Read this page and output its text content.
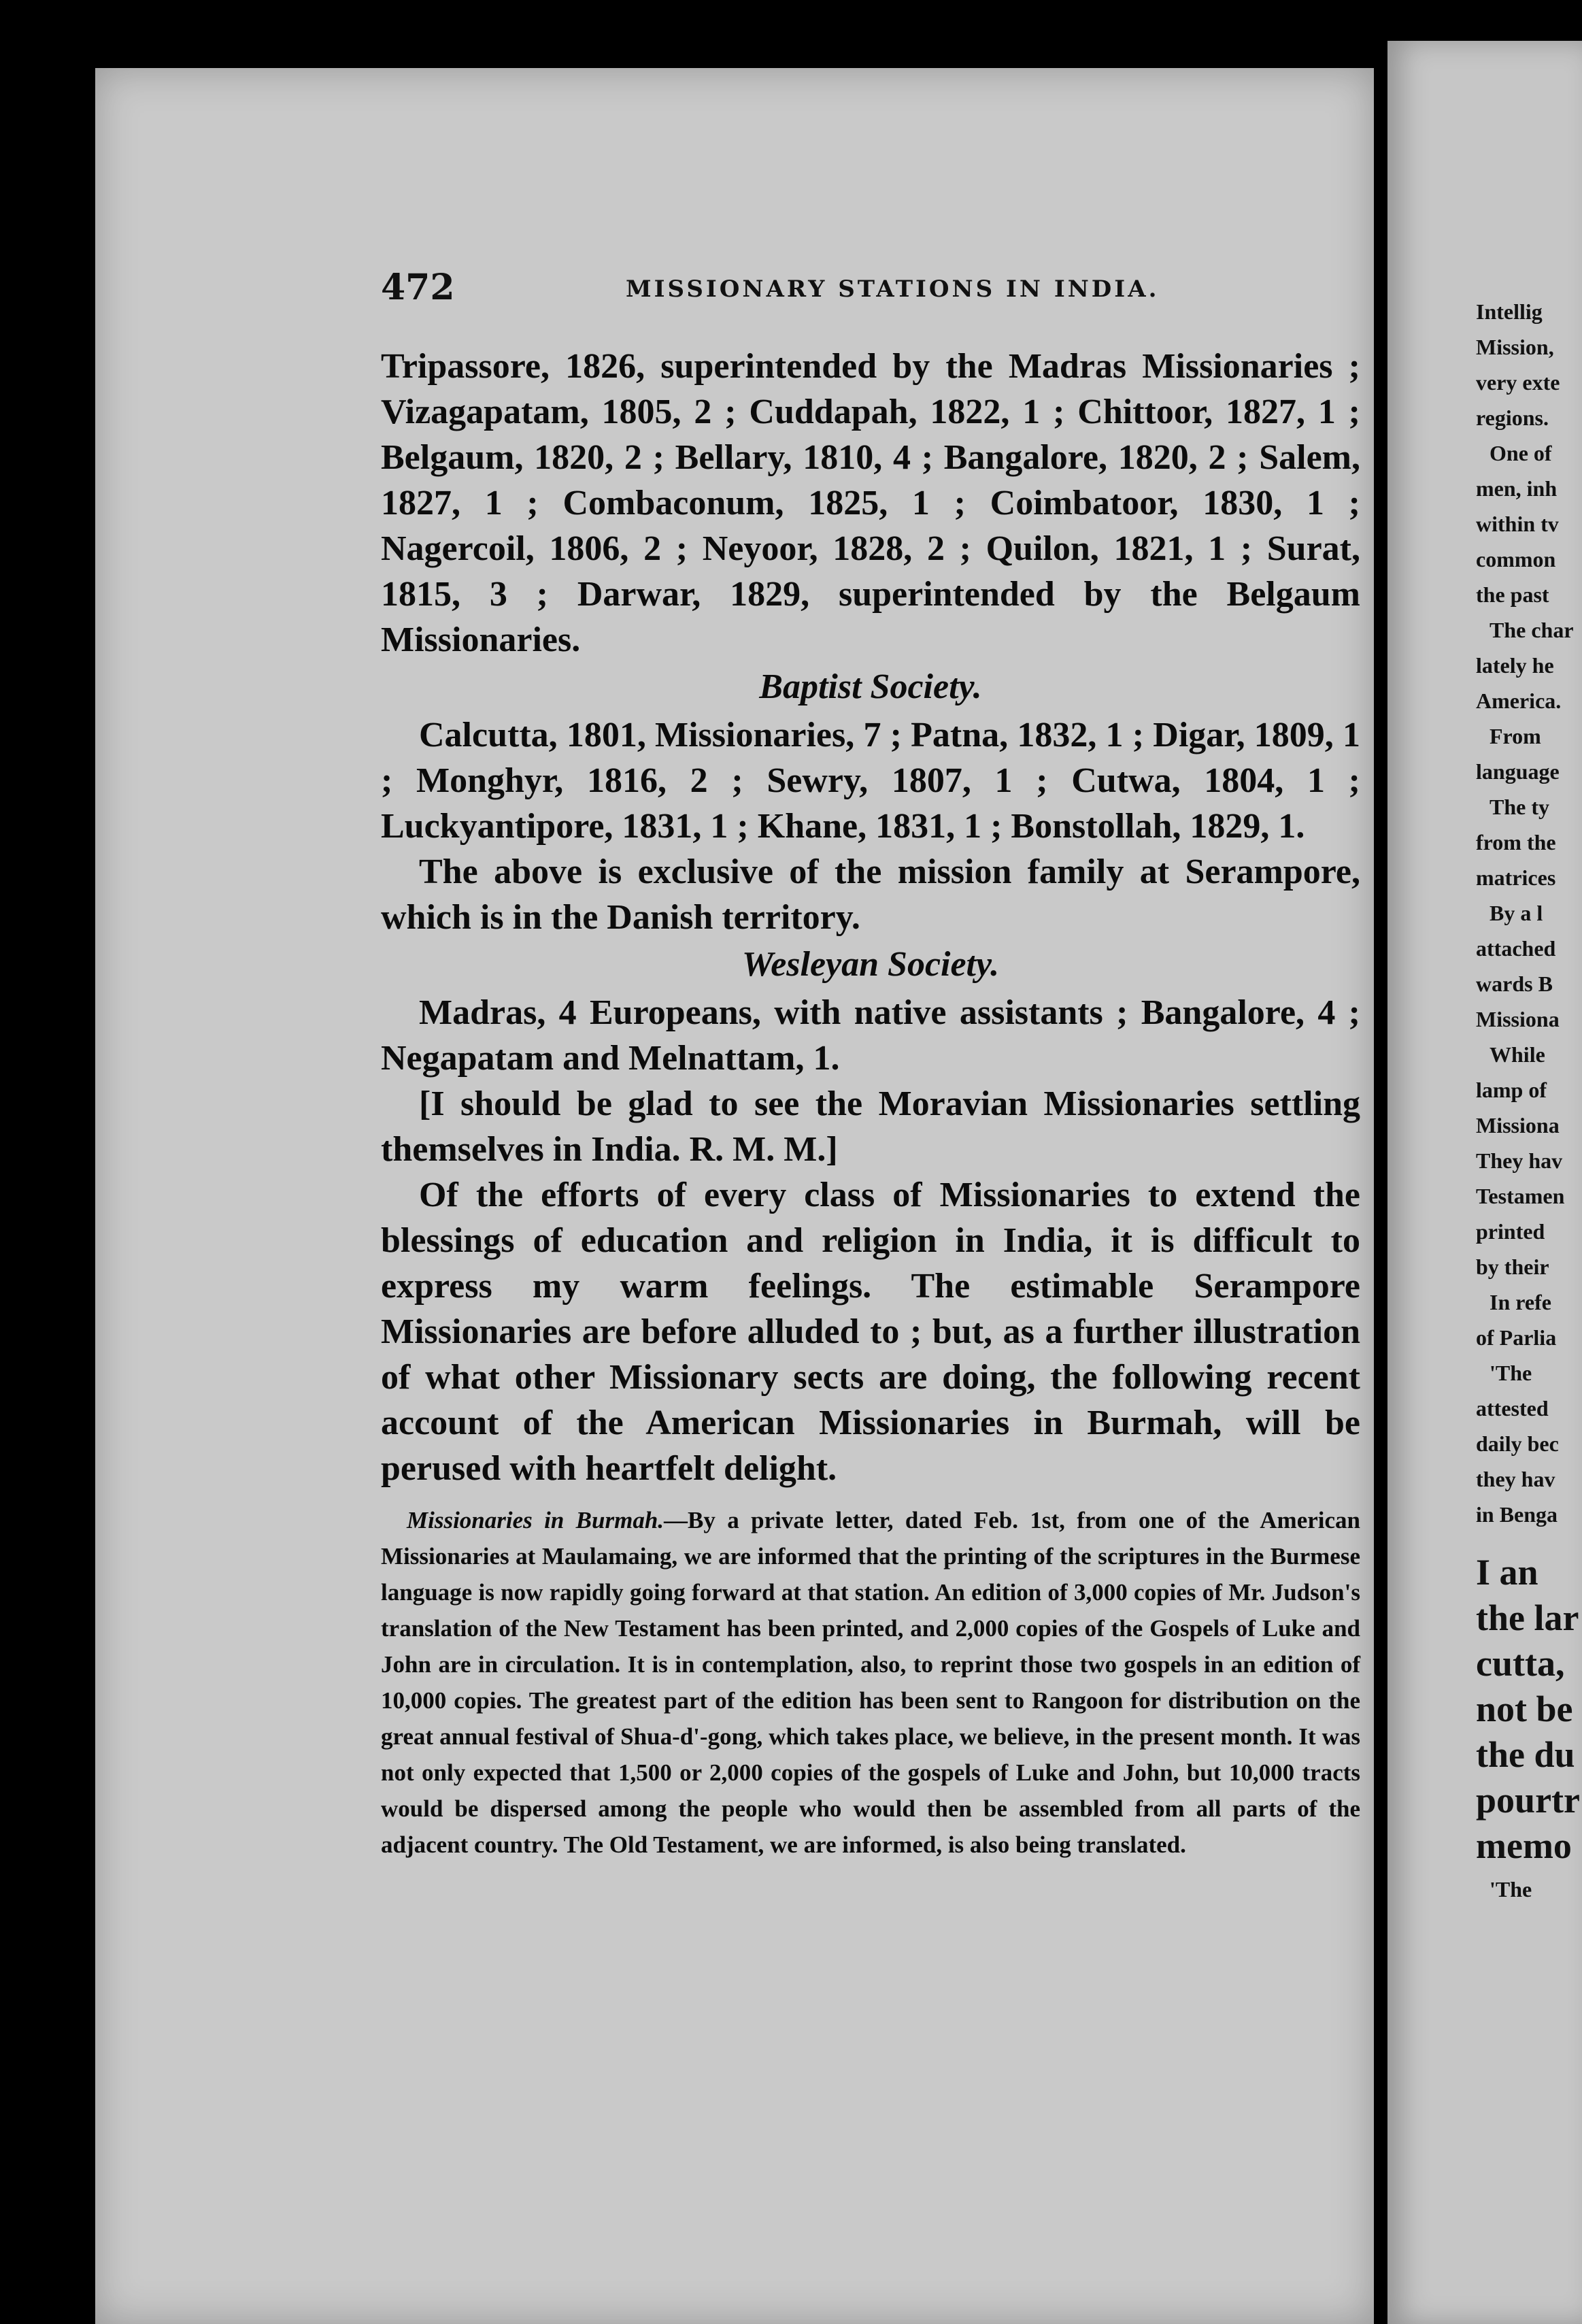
472	MISSIONARY STATIONS IN INDIA.

Tripassore, 1826, superintended by the Madras Missionaries ; Vizagapatam, 1805, 2 ; Cuddapah, 1822, 1 ; Chittoor, 1827, 1 ; Belgaum, 1820, 2 ; Bellary, 1810, 4 ; Bangalore, 1820, 2 ; Salem, 1827, 1 ; Combaconum, 1825, 1 ; Coimbatoor, 1830, 1 ; Nagercoil, 1806, 2 ; Neyoor, 1828, 2 ; Quilon, 1821, 1 ; Surat, 1815, 3 ; Darwar, 1829, superintended by the Belgaum Missionaries.

Baptist Society.

Calcutta, 1801, Missionaries, 7 ; Patna, 1832, 1 ; Digar, 1809, 1 ; Monghyr, 1816, 2 ; Sewry, 1807, 1 ; Cutwa, 1804, 1 ; Luckyantipore, 1831, 1 ; Khane, 1831, 1 ; Bonstollah, 1829, 1.

The above is exclusive of the mission family at Serampore, which is in the Danish territory.

Wesleyan Society.

Madras, 4 Europeans, with native assistants ; Bangalore, 4 ; Negapatam and Melnattam, 1.

[I should be glad to see the Moravian Missionaries settling themselves in India. R. M. M.]

Of the efforts of every class of Missionaries to extend the blessings of education and religion in India, it is difficult to express my warm feelings. The estimable Serampore Missionaries are before alluded to ; but, as a further illustration of what other Missionary sects are doing, the following recent account of the American Missionaries in Burmah, will be perused with heartfelt delight.

Missionaries in Burmah.—By a private letter, dated Feb. 1st, from one of the American Missionaries at Maulamaing, we are informed that the printing of the scriptures in the Burmese language is now rapidly going forward at that station. An edition of 3,000 copies of Mr. Judson's translation of the New Testament has been printed, and 2,000 copies of the Gospels of Luke and John are in circulation. It is in contemplation, also, to reprint those two gospels in an edition of 10,000 copies. The greatest part of the edition has been sent to Rangoon for distribution on the great annual festival of Shua-d'-gong, which takes place, we believe, in the present month. It was not only expected that 1,500 or 2,000 copies of the gospels of Luke and John, but 10,000 tracts would be dispersed among the people who would then be assembled from all parts of the adjacent country. The Old Testament, we are informed, is also being translated.

Intellig
Mission,
very exte
regions.
One of
men, inh
within tv
common
the past
The char
lately he
America.
From
language
The ty
from the
matrices
By a l
attached
wards B
Missiona
While
lamp of
Missiona
They hav
Testamen
printed
by their
In refe
of Parlia
'The
attested
daily bec
they hav
in Benga
I an
the lar
cutta,
not be
the du
pourtr
memo
'The
